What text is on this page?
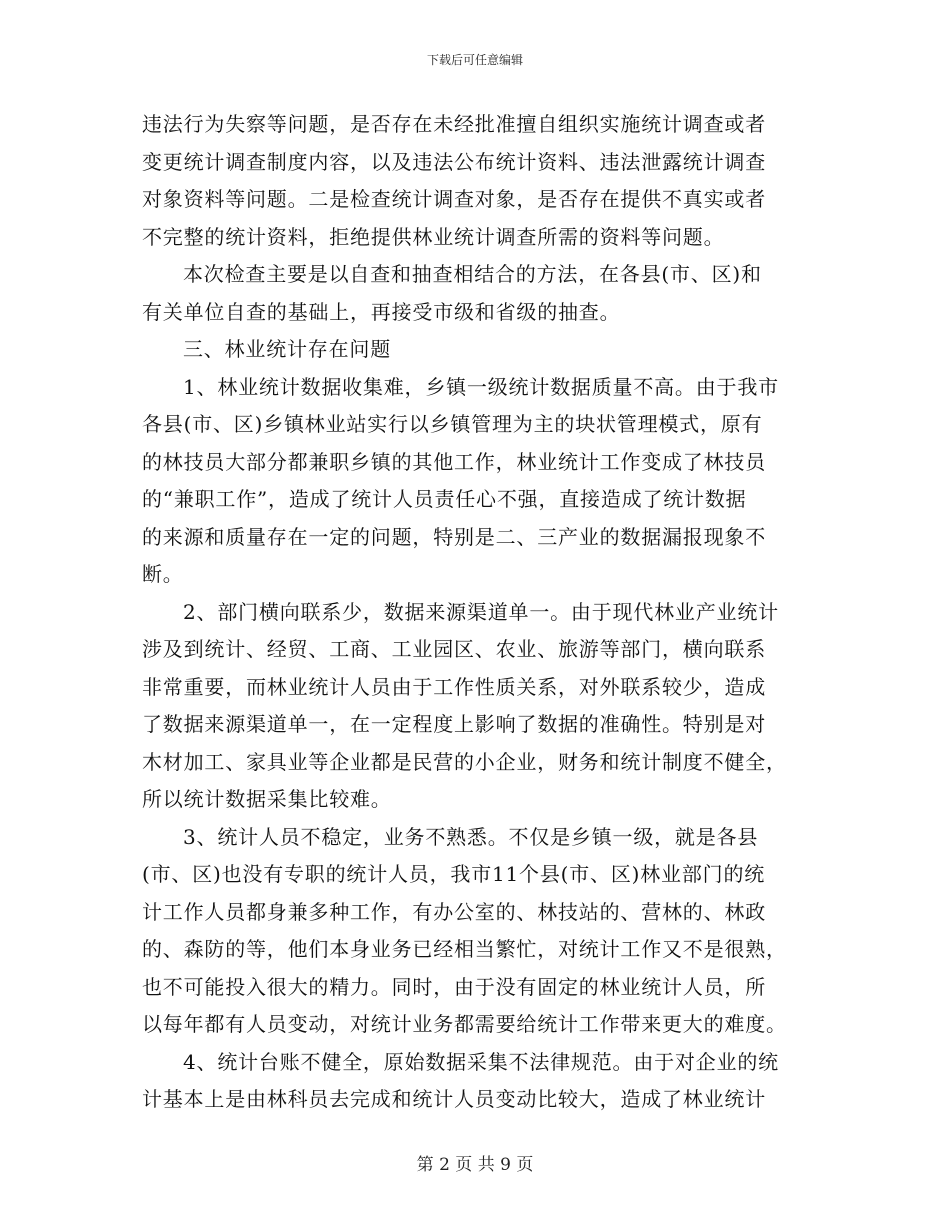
下载后可任意编辑
违法行为失察等问题，是否存在未经批准擅自组织实施统计调查或者
变更统计调查制度内容，以及违法公布统计资料、违法泄露统计调查
对象资料等问题。二是检查统计调查对象，是否存在提供不真实或者
不完整的统计资料，拒绝提供林业统计调查所需的资料等问题。
本次检查主要是以自查和抽查相结合的方法，在各县(市、区)和
有关单位自查的基础上，再接受市级和省级的抽查。
三、林业统计存在问题
1、林业统计数据收集难，乡镇一级统计数据质量不高。由于我市
各县(市、区)乡镇林业站实行以乡镇管理为主的块状管理模式，原有
的林技员大部分都兼职乡镇的其他工作，林业统计工作变成了林技员
的“兼职工作”，造成了统计人员责任心不强，直接造成了统计数据
的来源和质量存在一定的问题，特别是二、三产业的数据漏报现象不
断。
2、部门横向联系少，数据来源渠道单一。由于现代林业产业统计
涉及到统计、经贸、工商、工业园区、农业、旅游等部门，横向联系
非常重要，而林业统计人员由于工作性质关系，对外联系较少，造成
了数据来源渠道单一，在一定程度上影响了数据的准确性。特别是对
木材加工、家具业等企业都是民营的小企业，财务和统计制度不健全，
所以统计数据采集比较难。
3、统计人员不稳定，业务不熟悉。不仅是乡镇一级，就是各县
(市、区)也没有专职的统计人员，我市11个县(市、区)林业部门的统
计工作人员都身兼多种工作，有办公室的、林技站的、营林的、林政
的、森防的等，他们本身业务已经相当繁忙，对统计工作又不是很熟，
也不可能投入很大的精力。同时，由于没有固定的林业统计人员，所
以每年都有人员变动，对统计业务都需要给统计工作带来更大的难度。
4、统计台账不健全，原始数据采集不法律规范。由于对企业的统
计基本上是由林科员去完成和统计人员变动比较大，造成了林业统计
第 2 页 共 9 页
